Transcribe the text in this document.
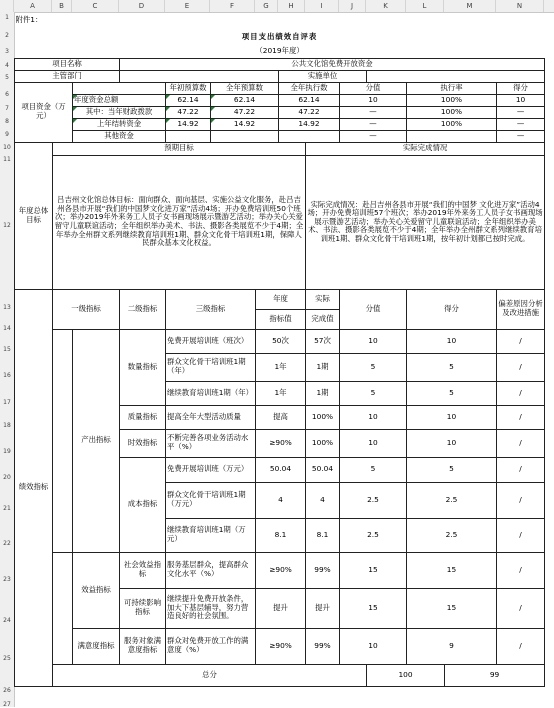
A	B	C	D	E	F	G	H	I	J	K	L	M	N
1
2
3
4
5
6
7
8
9
10
11
12
13
14
15
16
17
18
19
20
21
22
23
24
25
26
27
附件1：														
项目支出绩效自评表														
（2019年度）														
项目名称			公共文化馆免费开放资金											
主管部门							实施单位							
项目资金（万元）				年初预算数	全年预算数		全年执行数		分值		执行率		得分	
		年度资金总额		62.14	62.14		62.14		10		100%		10	
		其中：当年财政拨款		47.22	47.22		47.22		—		100%		—	
		上年结转资金		14.92	14.92		14.92		—		100%		—	
		其他资金							—				—	
年度总体目标	预期目标							实际完成情况						
	吕吉州文化馆总体目标：面向群众、面向基层、实施公益文化服务，赴吕吉州各县市开展“我们的中国梦文化进万家”活动4场；开办免费培训班50个班次；举办2019年外来务工人员子女书画现场展示暨游艺活动；举办关心关爱留守儿童联谊活动；全年组织举办美术、书法、摄影各类展览不少于4期；全年举办全州群文系列继续教育培训班1期、群众文化骨干培训班1期，保障人民群众基本文化权益。							实际完成情况：赴吕吉州各县市开展“我们的中国梦 文化进万家”活动4场；开办免费培训班57个班次；举办2019年外来务工人员子女书画现场展示暨游艺活动；举办关心关爱留守儿童联谊活动；全年组织举办美术、书法、摄影各类展览不少于4期；全年举办全州群文系列继续教育培训班1期、群众文化骨干培训班1期，按年初计划都已按时完成。						
绩效指标	一级指标		二级指标	三级指标		年度		实际	分值		得分		偏差原因分析及改进措施	
						指标值		完成值						
		产出指标	数量指标	免费开展培训班（班次）		50次		57次	10		10		/	
				群众文化骨干培训班1期（年）		1年		1期	5		5		/	
				继续教育培训班1期（年）		1年		1期	5		5		/	
			质量指标	提高全年大型活动质量		提高		100%	10		10		/	
			时效指标	不断完善各项业务活动水平（%）		≥90%		100%	10		10		/	
			成本指标	免费开展培训班（万元）		50.04		50.04	5		5		/	
				群众文化骨干培训班1期（万元）		4		4	2.5		2.5		/	
				继续教育培训班1期（万元）		8.1		8.1	2.5		2.5		/	
		效益指标	社会效益指标	服务基层群众，提高群众文化水平（%）		≥90%		99%	15		15		/	
			可持续影响指标	继续提升免费开放条件，加大下基层辅导，努力营造良好的社会氛围。		提升		提升	15		15		/	
		满意度指标	服务对象满意度指标	群众对免费开放工作的满意度（%）		≥90%		99%	10		9		/	
	总分									100		99		
